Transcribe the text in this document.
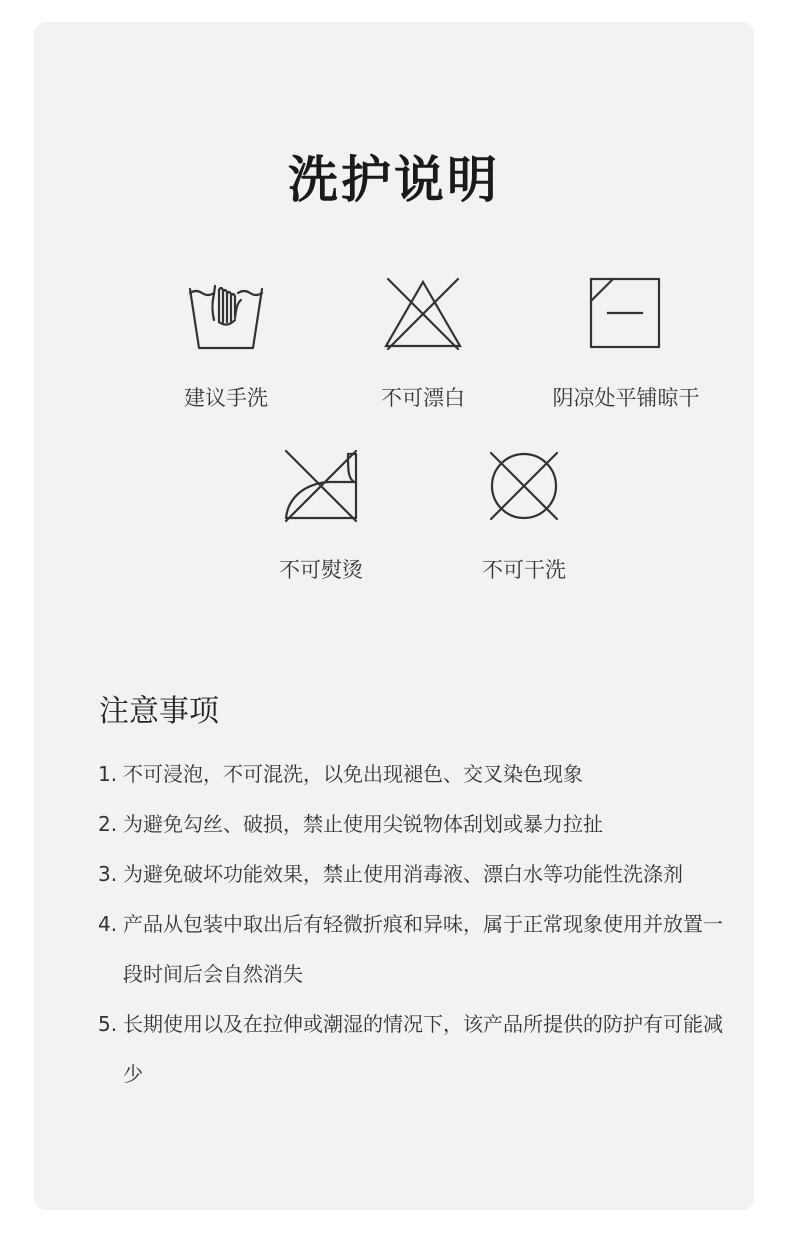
洗护说明
建议手洗	不可漂白	阴凉处平铺晾干
不可熨烫	不可干洗
注意事项
1. 不可浸泡，不可混洗，以免出现褪色、交叉染色现象
2. 为避免勾丝、破损，禁止使用尖锐物体刮划或暴力拉扯
3. 为避免破坏功能效果，禁止使用消毒液、漂白水等功能性洗涤剂
4. 产品从包装中取出后有轻微折痕和异味，属于正常现象使用并放置一段时间后会自然消失
5. 长期使用以及在拉伸或潮湿的情况下，该产品所提供的防护有可能减少
